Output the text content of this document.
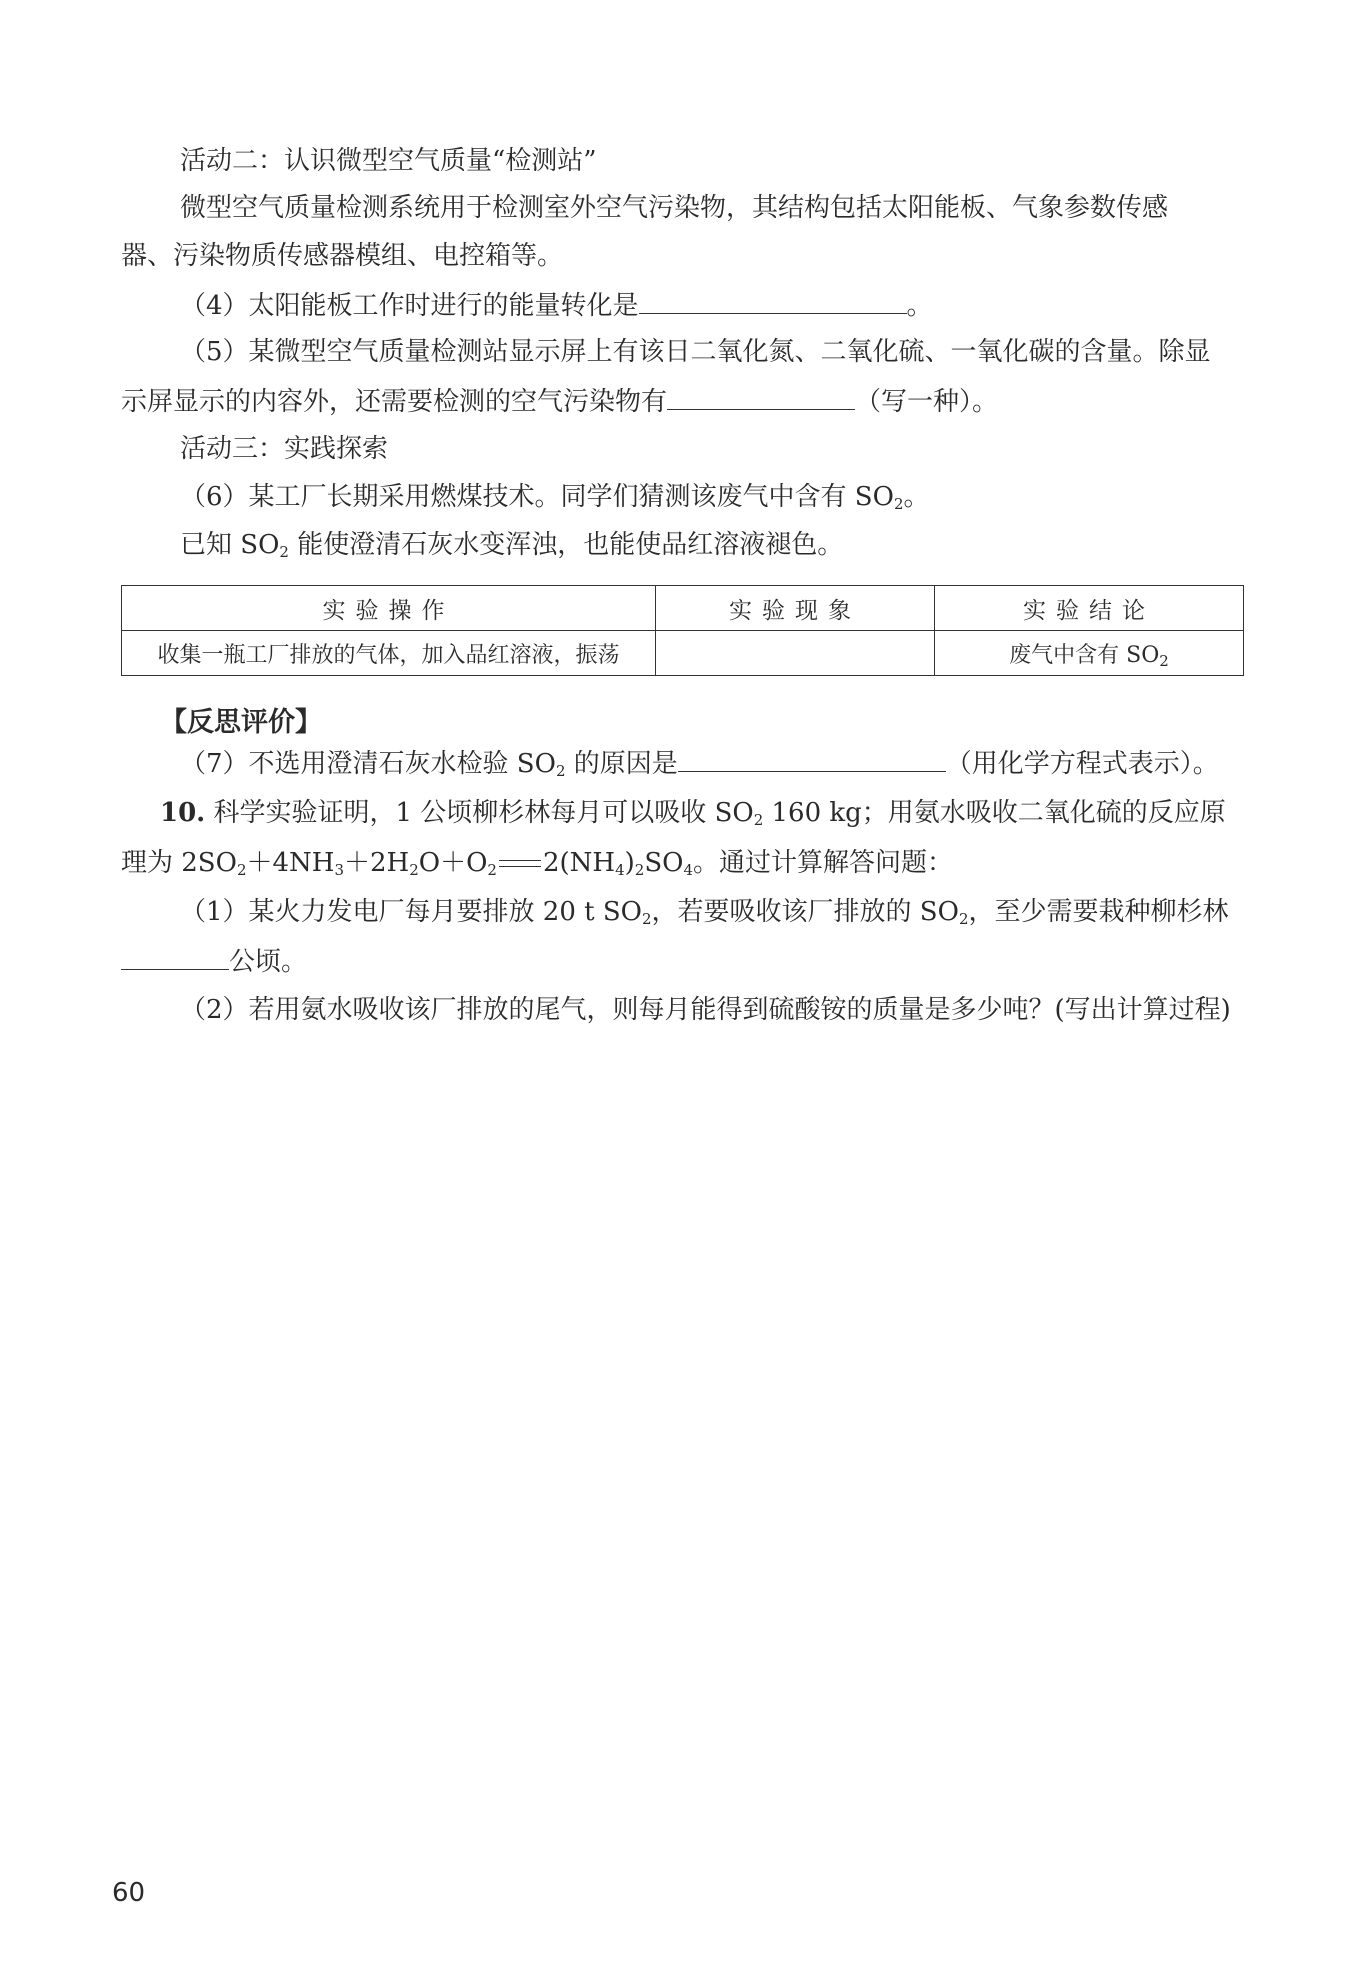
活动二：认识微型空气质量“检测站”
微型空气质量检测系统用于检测室外空气污染物，其结构包括太阳能板、气象参数传感
器、污染物质传感器模组、电控箱等。
（4）太阳能板工作时进行的能量转化是	。
（5）某微型空气质量检测站显示屏上有该日二氧化氮、二氧化硫、一氧化碳的含量。除显
示屏显示的内容外，还需要检测的空气污染物有	（写一种）。
活动三：实践探索
（6）某工厂长期采用燃煤技术。同学们猜测该废气中含有 $SO_2$。
已知 $SO_2$ 能使澄清石灰水变浑浊，也能使品红溶液褪色。
实验操作	实验现象	实验结论
收集一瓶工厂排放的气体，加入品红溶液，振荡		废气中含有 $SO_2$
【反思评价】
（7）不选用澄清石灰水检验 $SO_2$ 的原因是	（用化学方程式表示）。
10. 科学实验证明，1 公顷柳杉林每月可以吸收 $SO_2$ 160 kg；用氨水吸收二氧化硫的反应原
理为 $2SO_2+4NH_3+2H_2O+O_2$ $2(NH_4)_2SO_4$。通过计算解答问题：
（1）某火力发电厂每月要排放 20 t $SO_2$，若要吸收该厂排放的 $SO_2$，至少需要栽种柳杉林
公顷。
（2）若用氨水吸收该厂排放的尾气，则每月能得到硫酸铵的质量是多少吨？(写出计算过程)
60
